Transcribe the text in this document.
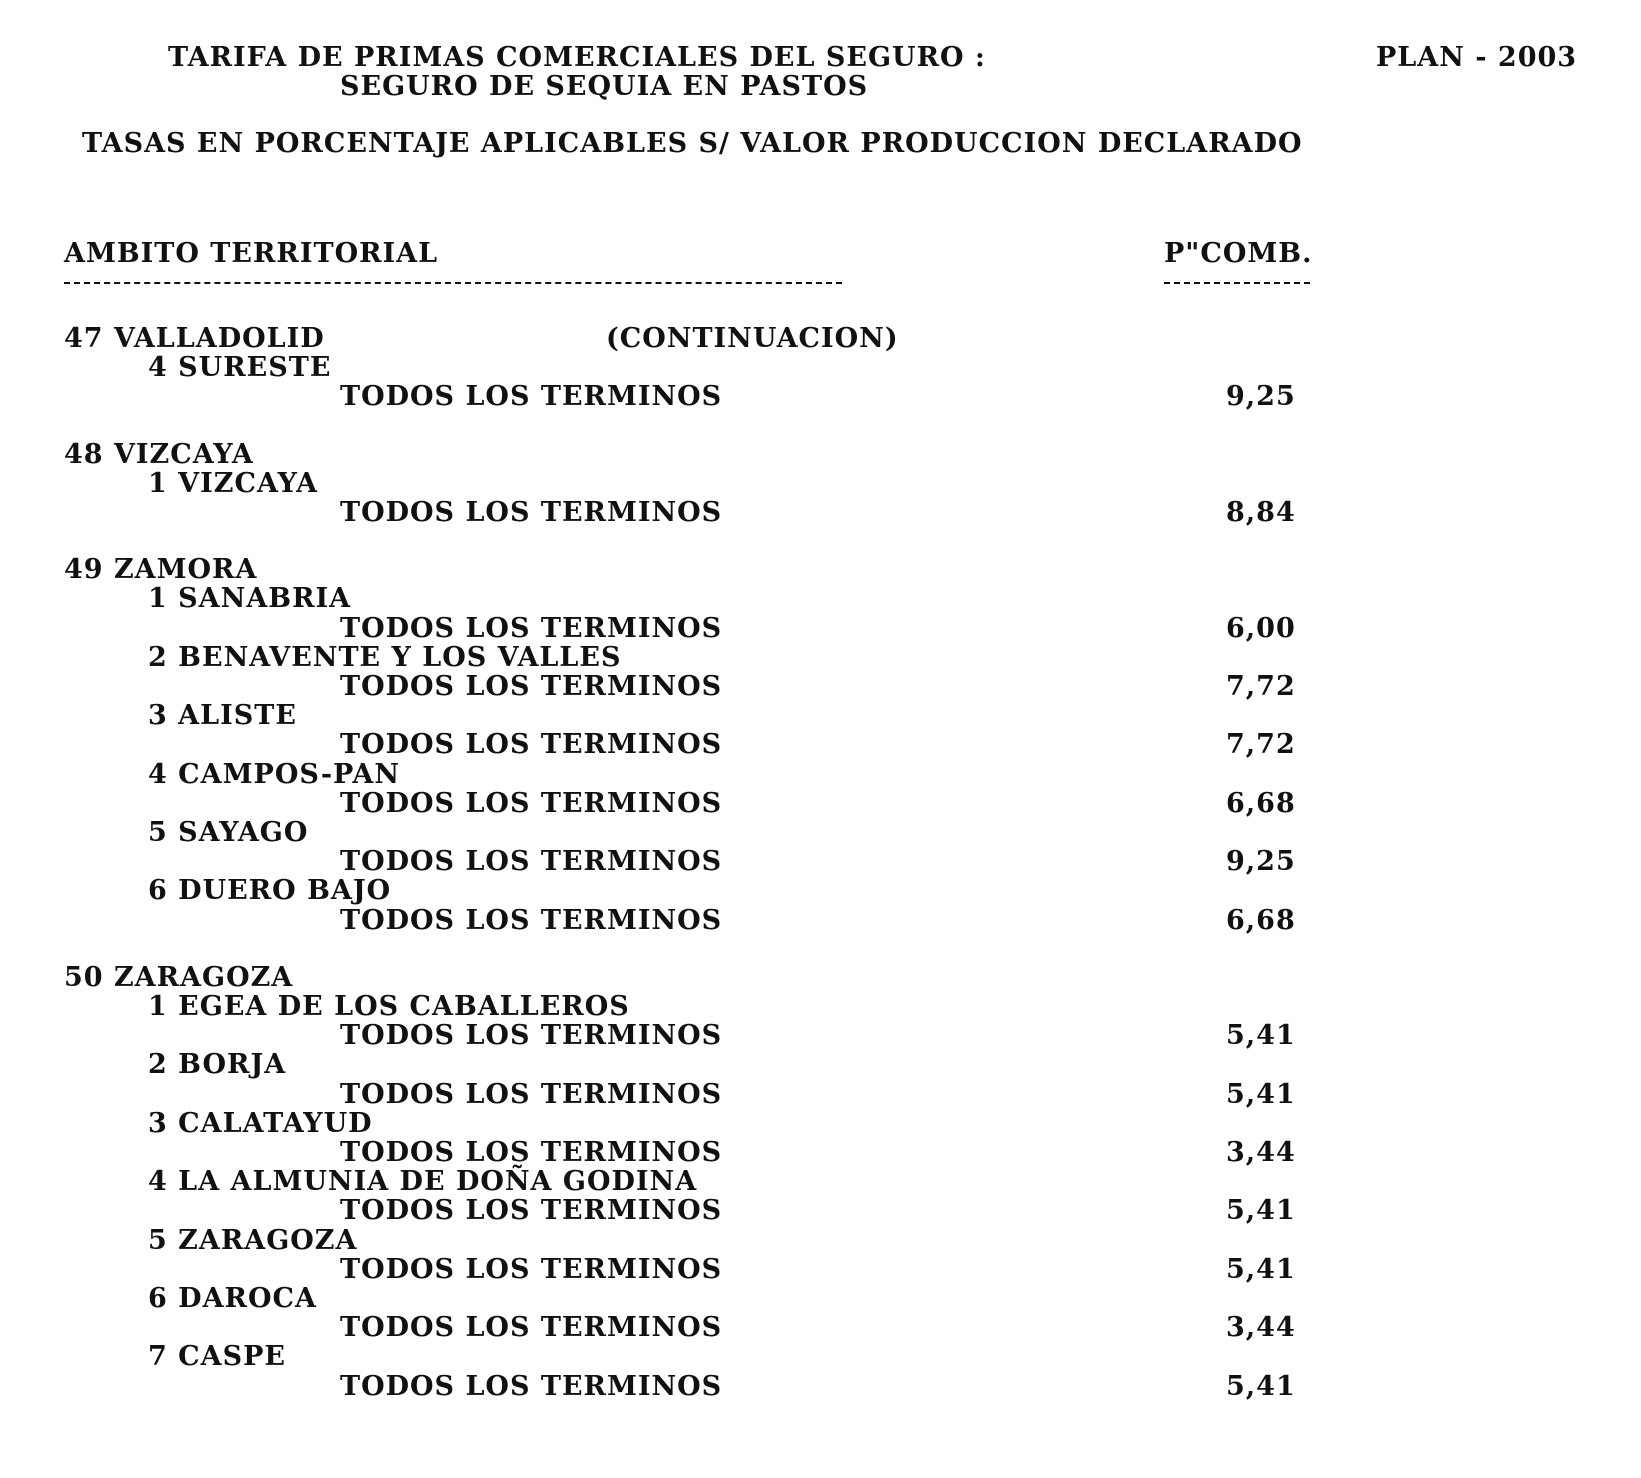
TARIFA DE PRIMAS COMERCIALES DEL SEGURO :
SEGURO DE SEQUIA EN PASTOS
PLAN - 2003
TASAS EN PORCENTAJE APLICABLES S/ VALOR PRODUCCION DECLARADO
AMBITO TERRITORIAL	P"COMB.
47 VALLADOLID	(CONTINUACION)
4 SURESTE
TODOS LOS TERMINOS	9,25
48 VIZCAYA
1 VIZCAYA
TODOS LOS TERMINOS	8,84
49 ZAMORA
1 SANABRIA
TODOS LOS TERMINOS	6,00
2 BENAVENTE Y LOS VALLES
TODOS LOS TERMINOS	7,72
3 ALISTE
TODOS LOS TERMINOS	7,72
4 CAMPOS-PAN
TODOS LOS TERMINOS	6,68
5 SAYAGO
TODOS LOS TERMINOS	9,25
6 DUERO BAJO
TODOS LOS TERMINOS	6,68
50 ZARAGOZA
1 EGEA DE LOS CABALLEROS
TODOS LOS TERMINOS	5,41
2 BORJA
TODOS LOS TERMINOS	5,41
3 CALATAYUD
TODOS LOS TERMINOS	3,44
4 LA ALMUNIA DE DOÑA GODINA
TODOS LOS TERMINOS	5,41
5 ZARAGOZA
TODOS LOS TERMINOS	5,41
6 DAROCA
TODOS LOS TERMINOS	3,44
7 CASPE
TODOS LOS TERMINOS	5,41
